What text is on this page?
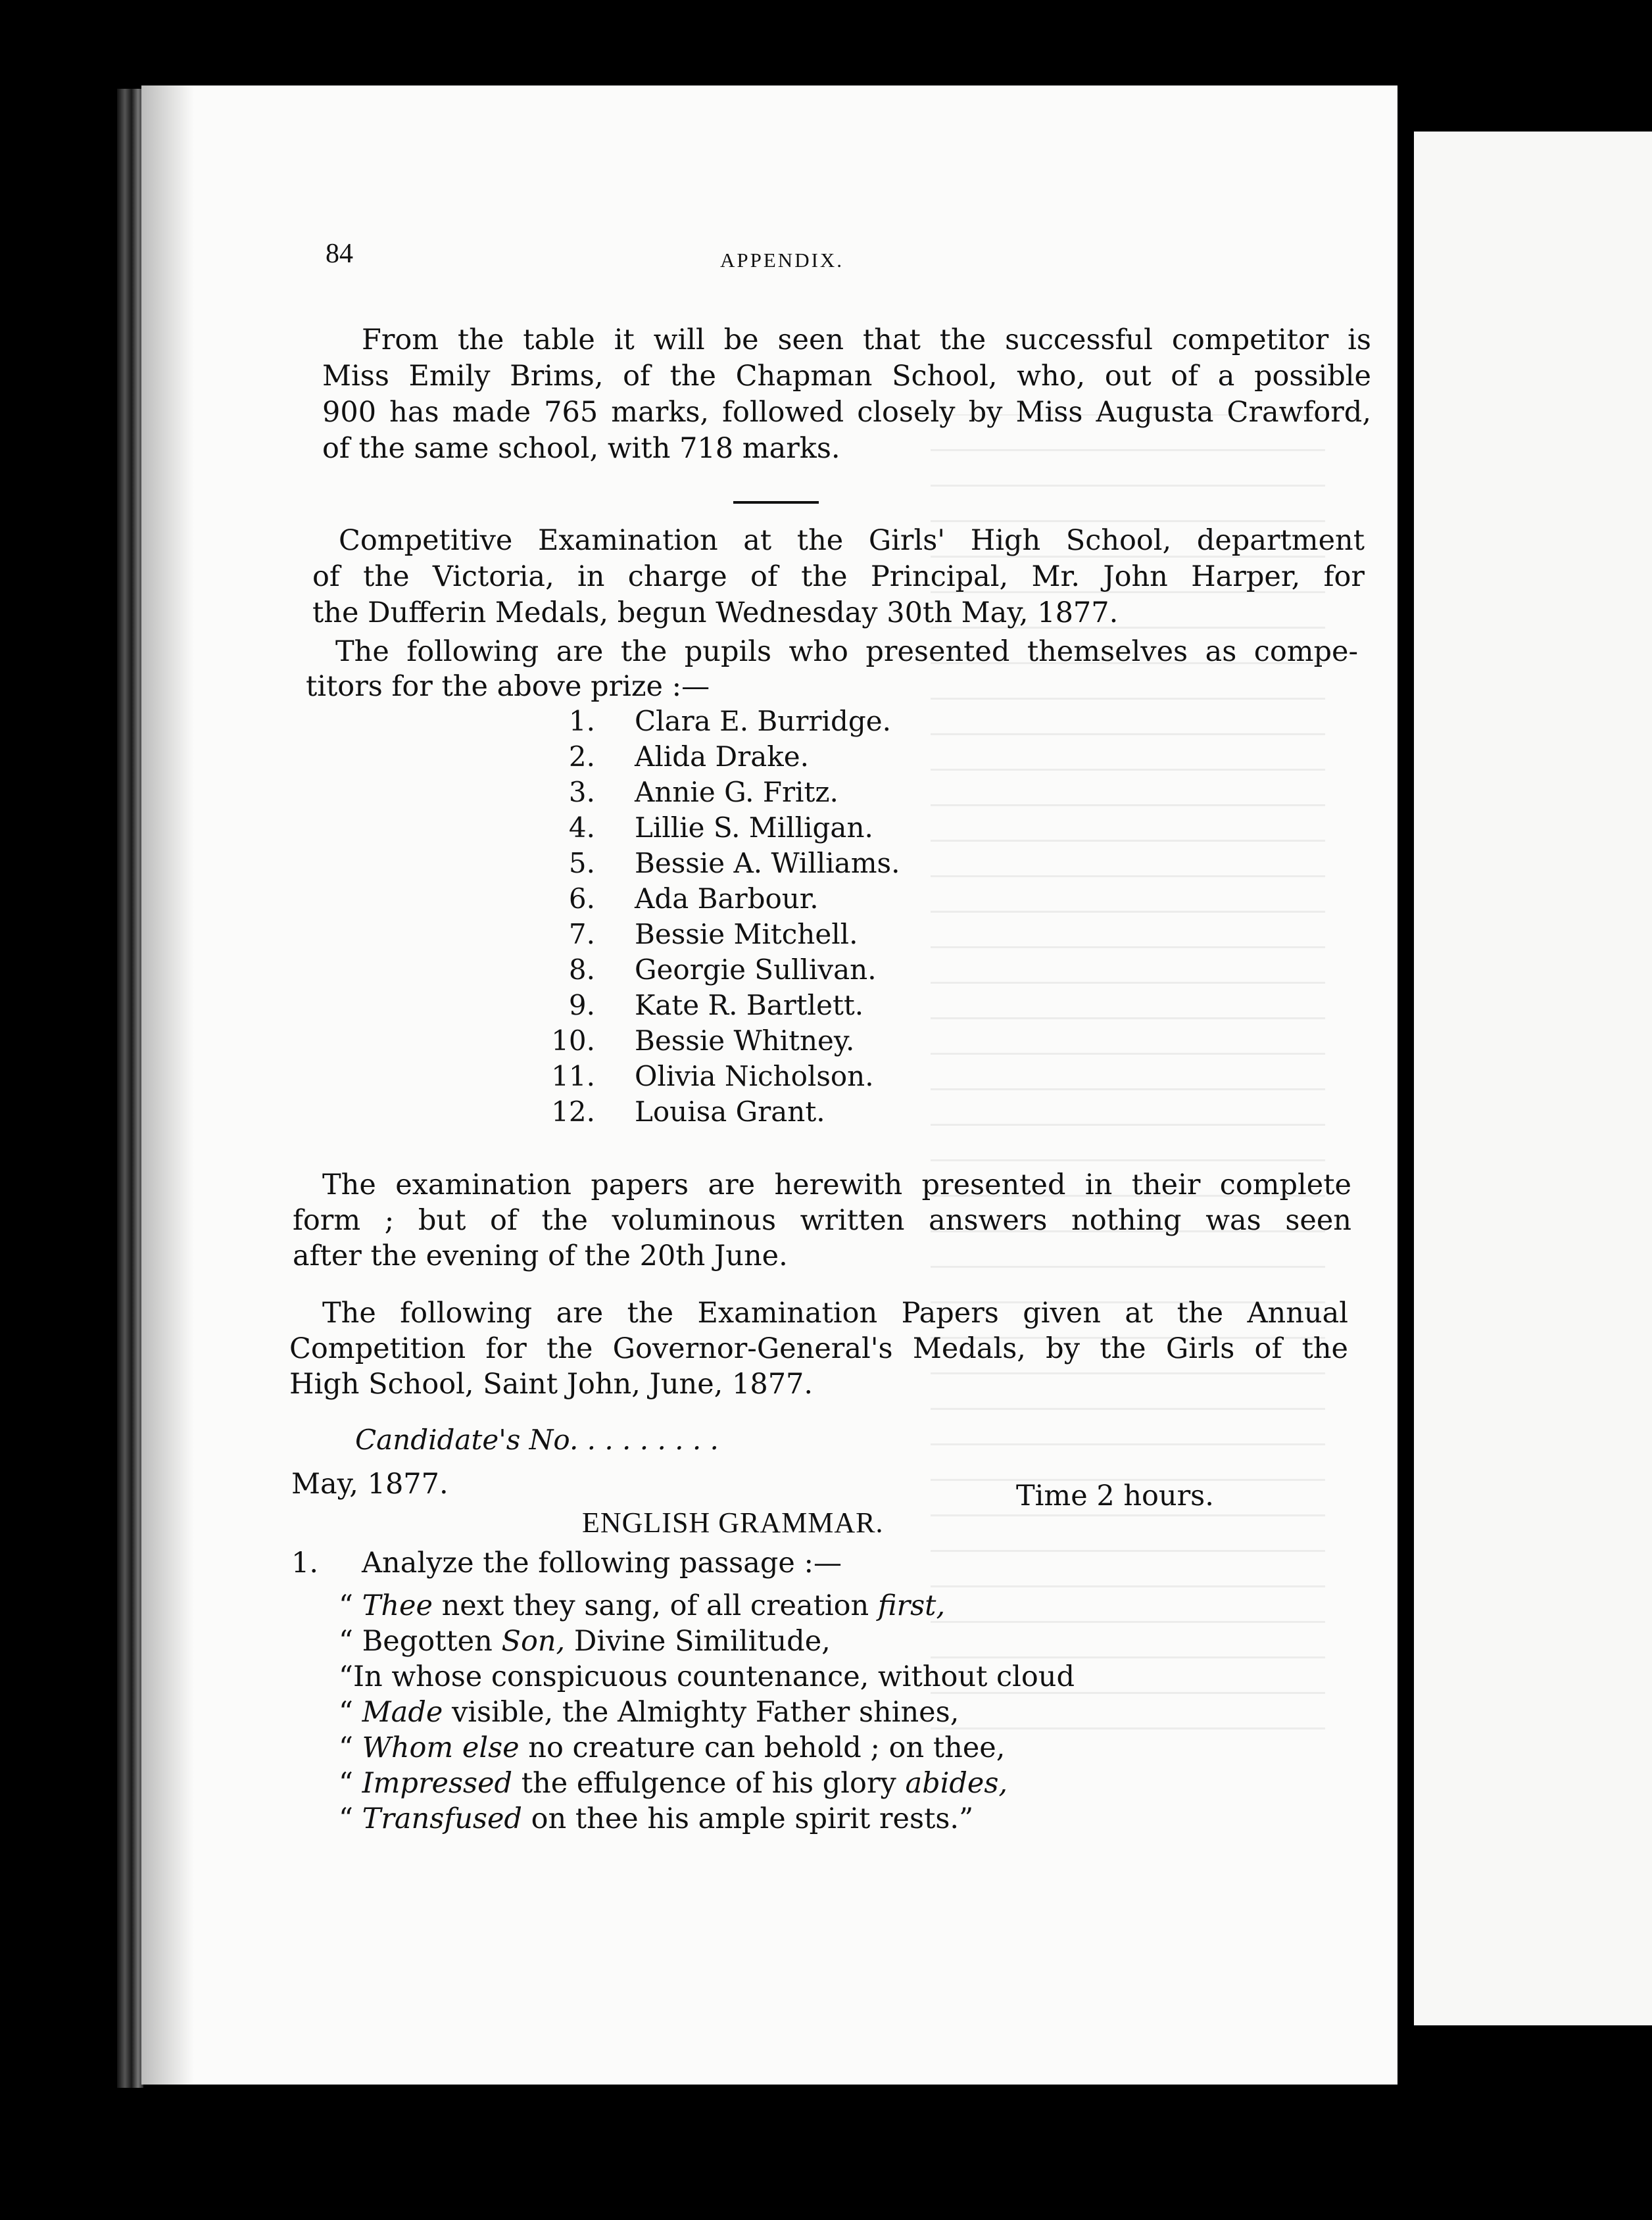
84	APPENDIX.
From the table it will be seen that the successful competitor is
Miss Emily Brims, of the Chapman School, who, out of a possible
900 has made 765 marks, followed closely by Miss Augusta Crawford,
of the same school, with 718 marks.
Competitive Examination at the Girls' High School, department
of the Victoria, in charge of the Principal, Mr. John Harper, for
the Dufferin Medals, begun Wednesday 30th May, 1877.
The following are the pupils who presented themselves as compe-
titors for the above prize :—
1. Clara E. Burridge.
2. Alida Drake.
3. Annie G. Fritz.
4. Lillie S. Milligan.
5. Bessie A. Williams.
6. Ada Barbour.
7. Bessie Mitchell.
8. Georgie Sullivan.
9. Kate R. Bartlett.
10. Bessie Whitney.
11. Olivia Nicholson.
12. Louisa Grant.
The examination papers are herewith presented in their complete
form ; but of the voluminous written answers nothing was seen
after the evening of the 20th June.
The following are the Examination Papers given at the Annual
Competition for the Governor-General's Medals, by the Girls of the
High School, Saint John, June, 1877.
Candidate's No. . . . . . . . .
May, 1877.	Time 2 hours.
ENGLISH GRAMMAR.
1. Analyze the following passage :—
“ Thee next they sang, of all creation first,
“ Begotten Son, Divine Similitude,
“In whose conspicuous countenance, without cloud
“ Made visible, the Almighty Father shines,
“ Whom else no creature can behold ; on thee,
“ Impressed the effulgence of his glory abides,
“ Transfused on thee his ample spirit rests.”
